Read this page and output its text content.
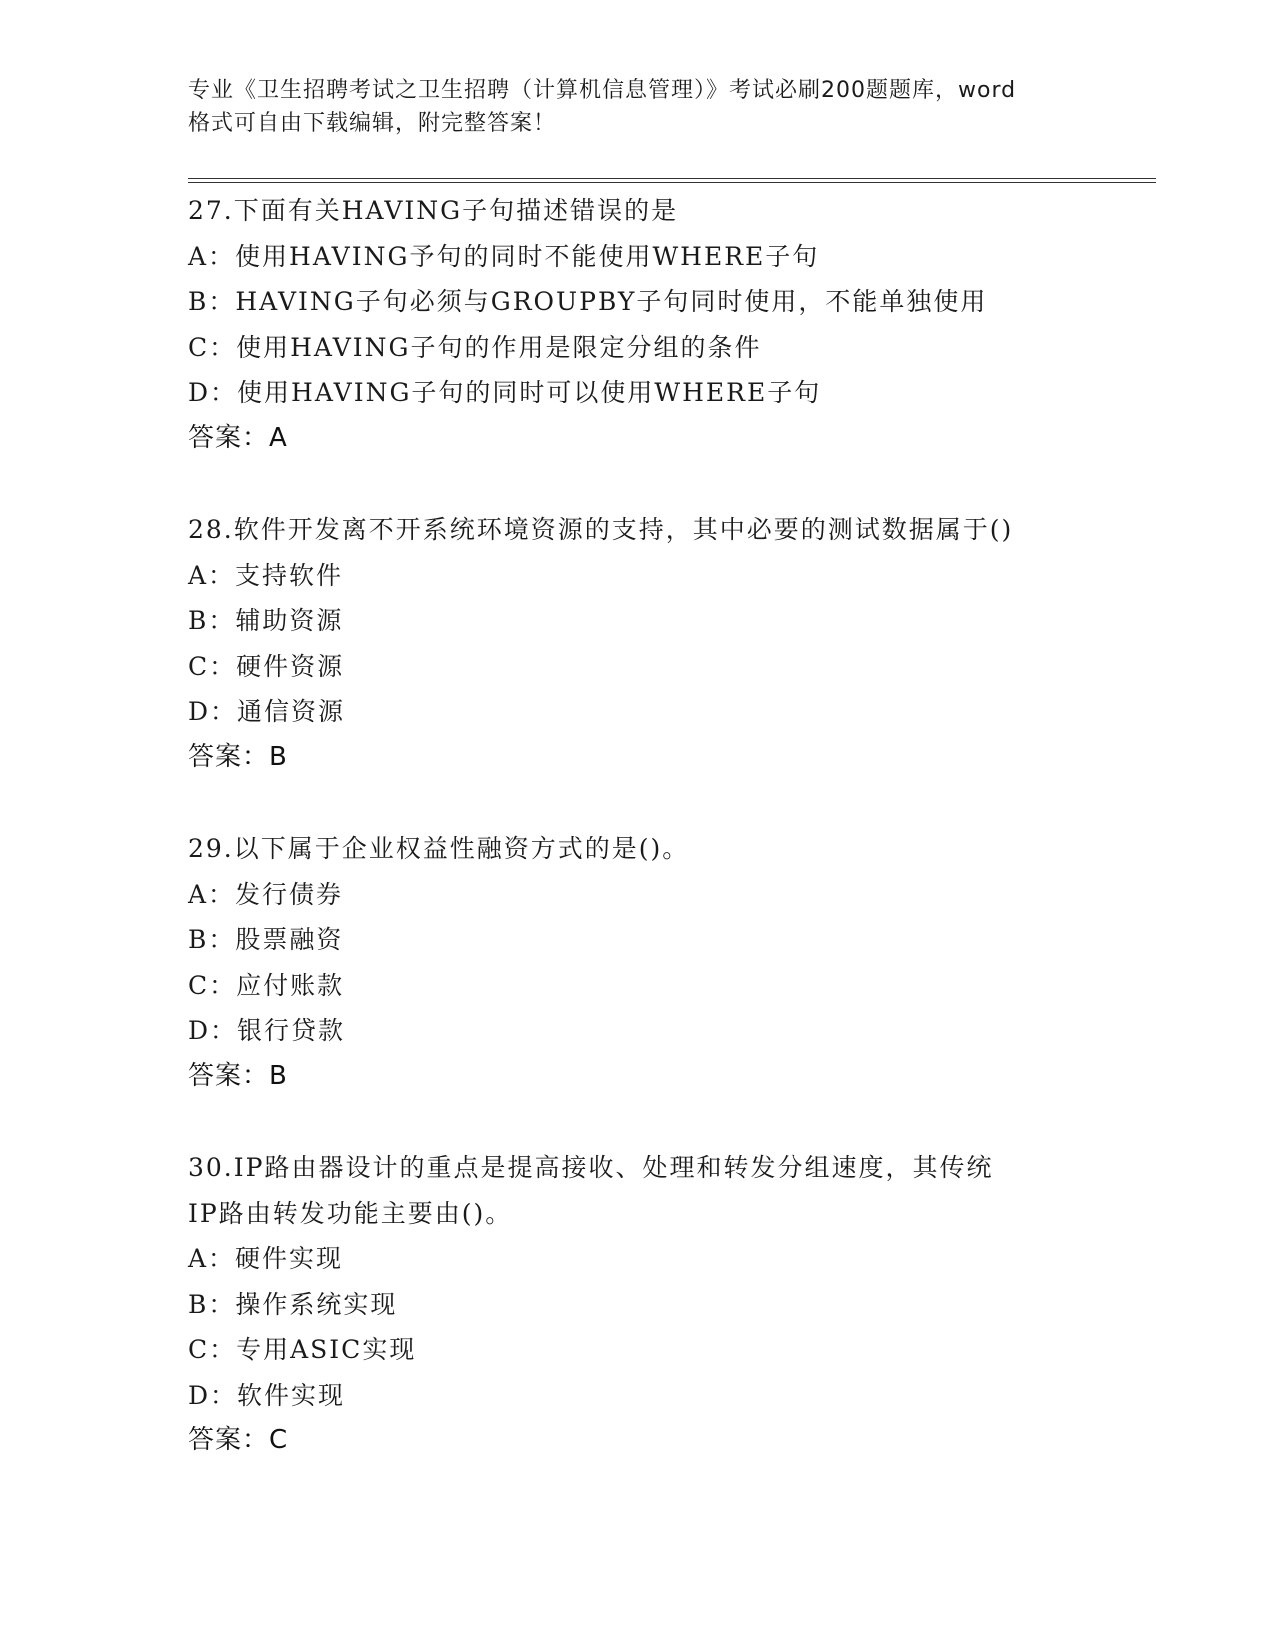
专业《卫生招聘考试之卫生招聘（计算机信息管理）》考试必刷200题题库，word
格式可自由下载编辑，附完整答案！
27.下面有关HAVING子句描述错误的是
A：使用HAVING予句的同时不能使用WHERE子句
B：HAVING子句必须与GROUPBY子句同时使用，不能单独使用
C：使用HAVING子句的作用是限定分组的条件
D：使用HAVING子句的同时可以使用WHERE子句
答案：A
28.软件开发离不开系统环境资源的支持，其中必要的测试数据属于()
A：支持软件
B：辅助资源
C：硬件资源
D：通信资源
答案：B
29.以下属于企业权益性融资方式的是()。
A：发行债券
B：股票融资
C：应付账款
D：银行贷款
答案：B
30.IP路由器设计的重点是提高接收、处理和转发分组速度，其传统
IP路由转发功能主要由()。
A：硬件实现
B：操作系统实现
C：专用ASIC实现
D：软件实现
答案：C
